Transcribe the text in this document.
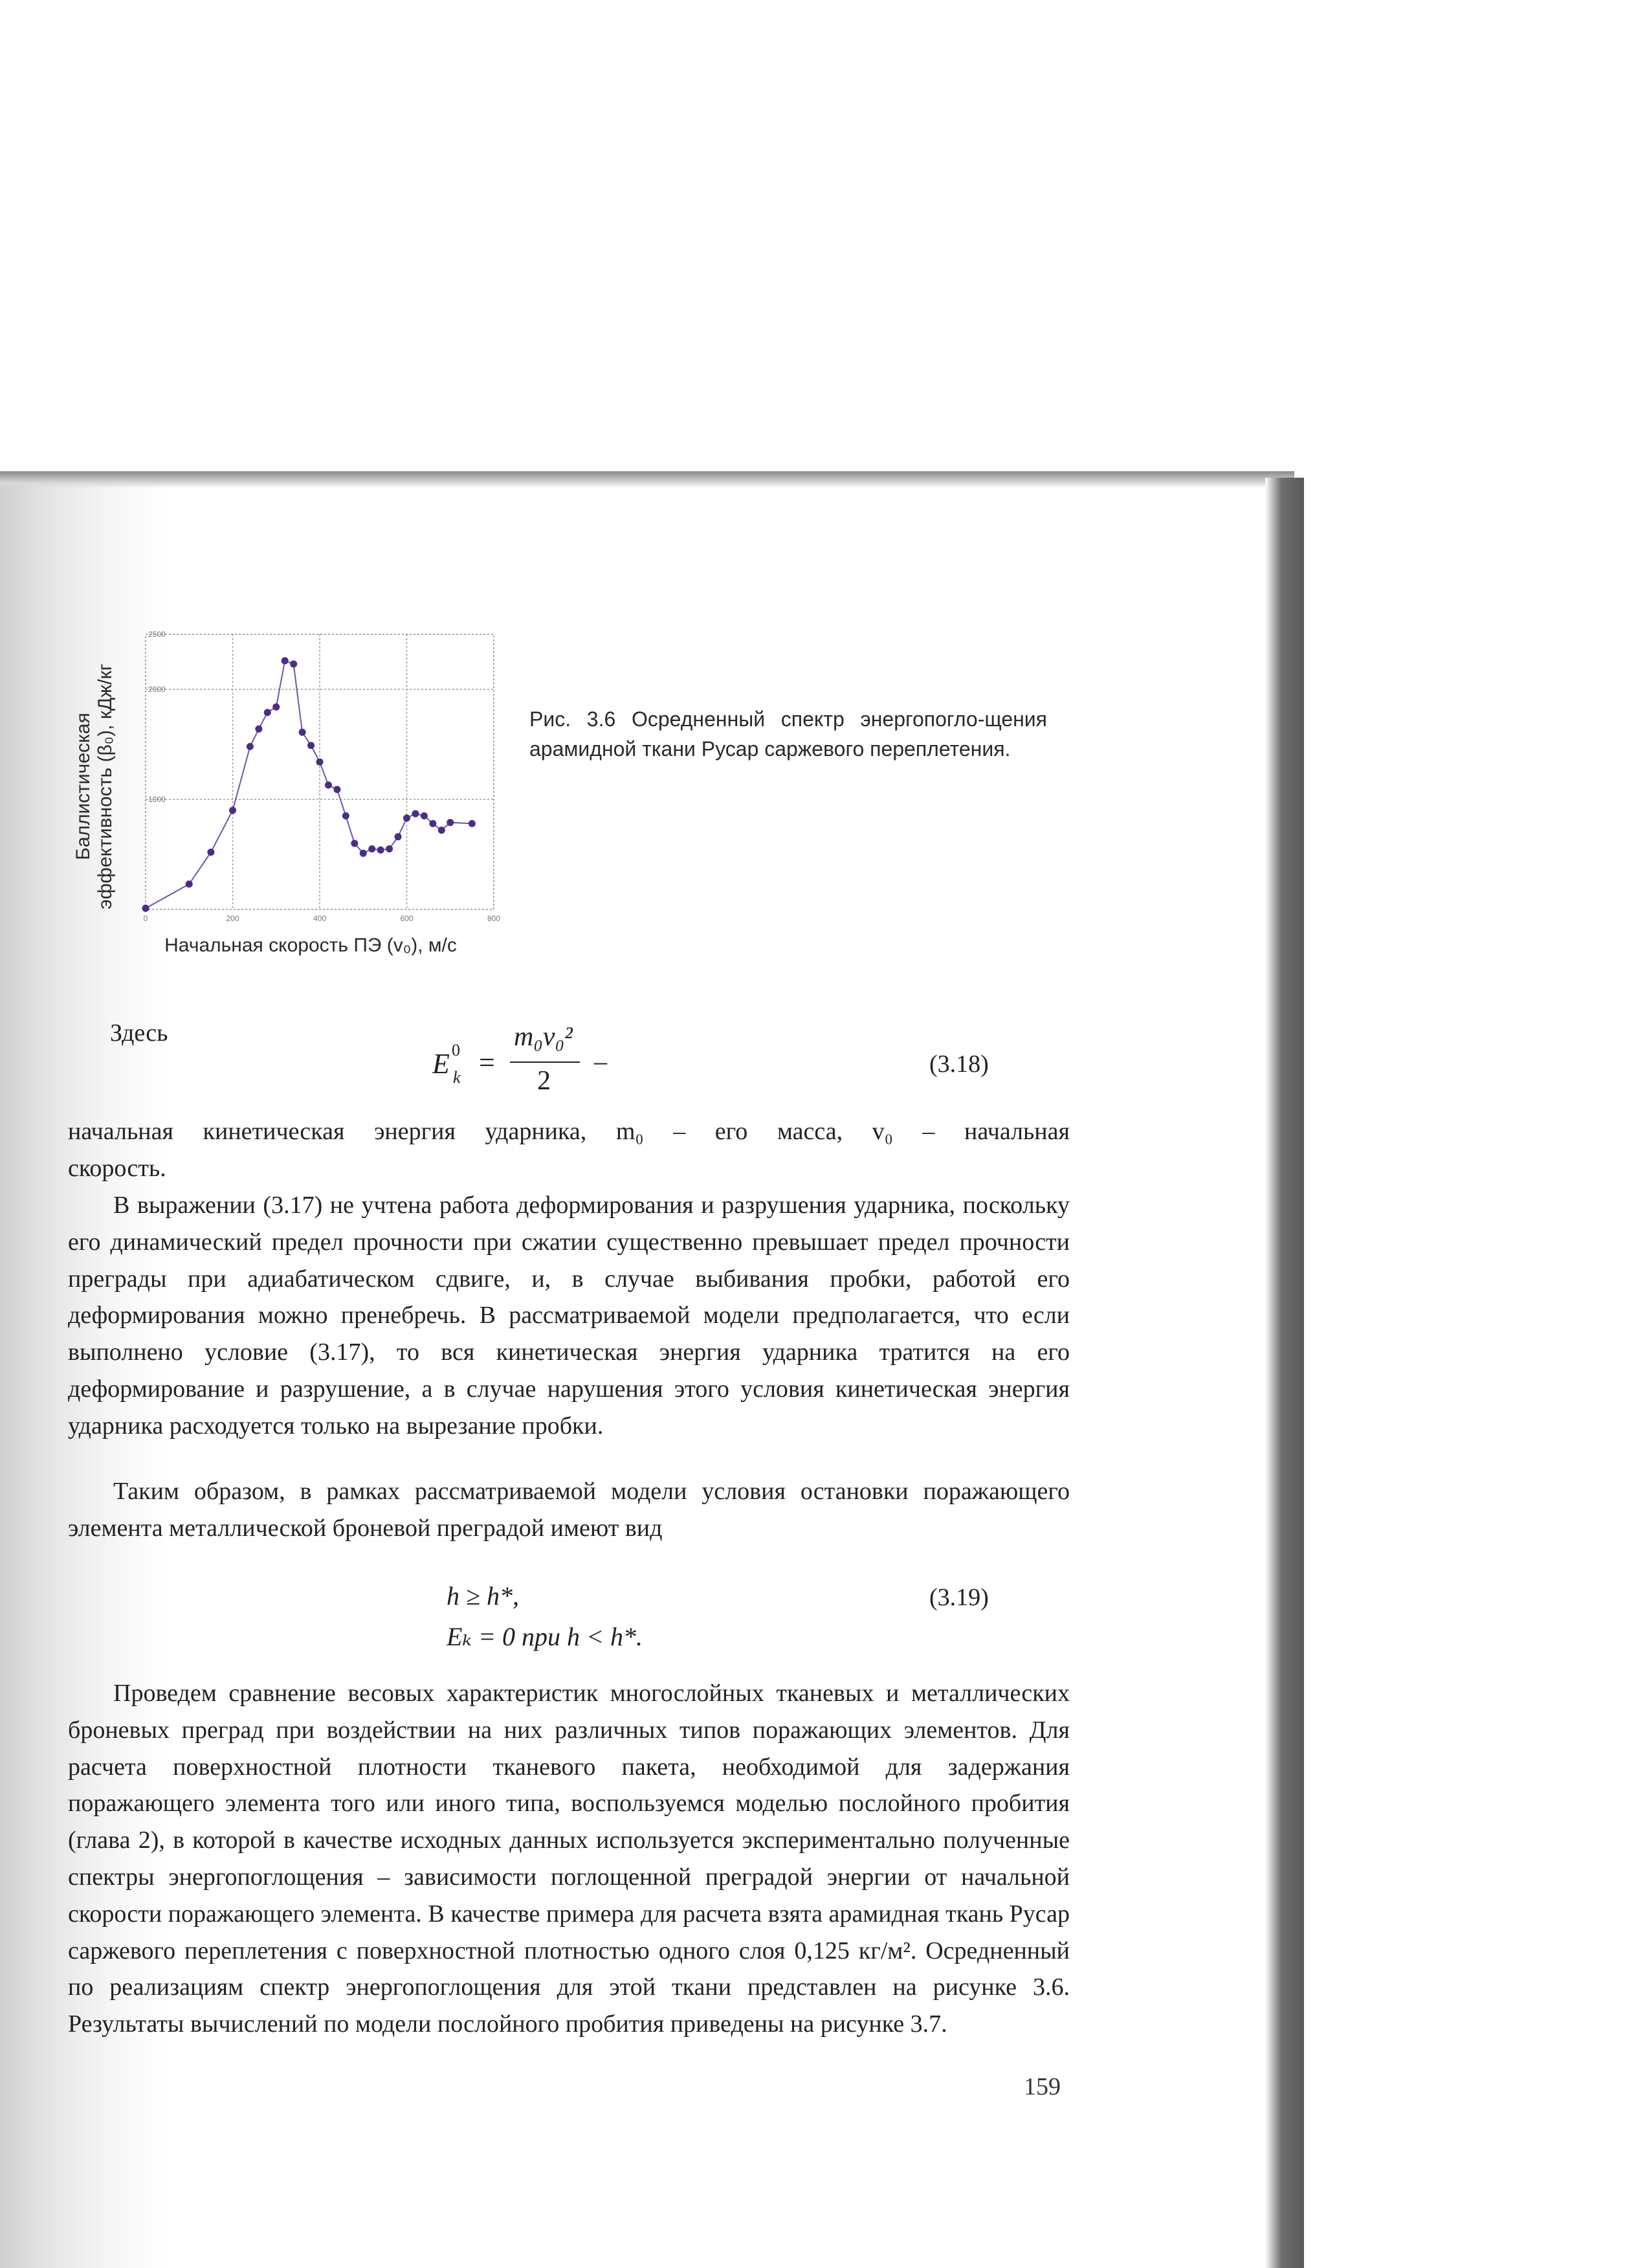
0	200	400	600	800
1000
2000
2500
Баллистическая эффективность (β₀), кДж/кг
Начальная скорость ПЭ (v₀), м/с
Рис. 3.6 Осредненный спектр энергопогло-щения арамидной ткани Русар саржевого переплетения.
Здесь
E 0
k =
m₀v₀²
2
–	(3.18)
начальная кинетическая энергия ударника, m₀ – его масса, v₀ – начальная
скорость.
В выражении (3.17) не учтена работа деформирования и разрушения ударника, поскольку его динамический предел прочности при сжатии существенно превышает предел прочности преграды при адиабатическом сдвиге, и, в случае выбивания пробки, работой его деформирования можно пренебречь. В рассматриваемой модели предполагается, что если выполнено условие (3.17), то вся кинетическая энергия ударника тратится на его деформирование и разрушение, а в случае нарушения этого условия кинетическая энергия ударника расходуется только на вырезание пробки.
Таким образом, в рамках рассматриваемой модели условия остановки поражающего элемента металлической броневой преградой имеют вид
h ≥ h*,
Eₖ = 0 при h < h*.
(3.19)
Проведем сравнение весовых характеристик многослойных тканевых и металлических броневых преград при воздействии на них различных типов поражающих элементов. Для расчета поверхностной плотности тканевого пакета, необходимой для задержания поражающего элемента того или иного типа, воспользуемся моделью послойного пробития (глава 2), в которой в качестве исходных данных используется экспериментально полученные спектры энергопоглощения – зависимости поглощенной преградой энергии от начальной скорости поражающего элемента. В качестве примера для расчета взята арамидная ткань Русар саржевого переплетения с поверхностной плотностью одного слоя 0,125 кг/м². Осредненный по реализациям спектр энергопоглощения для этой ткани представлен на рисунке 3.6. Результаты вычислений по модели послойного пробития приведены на рисунке 3.7.
159
